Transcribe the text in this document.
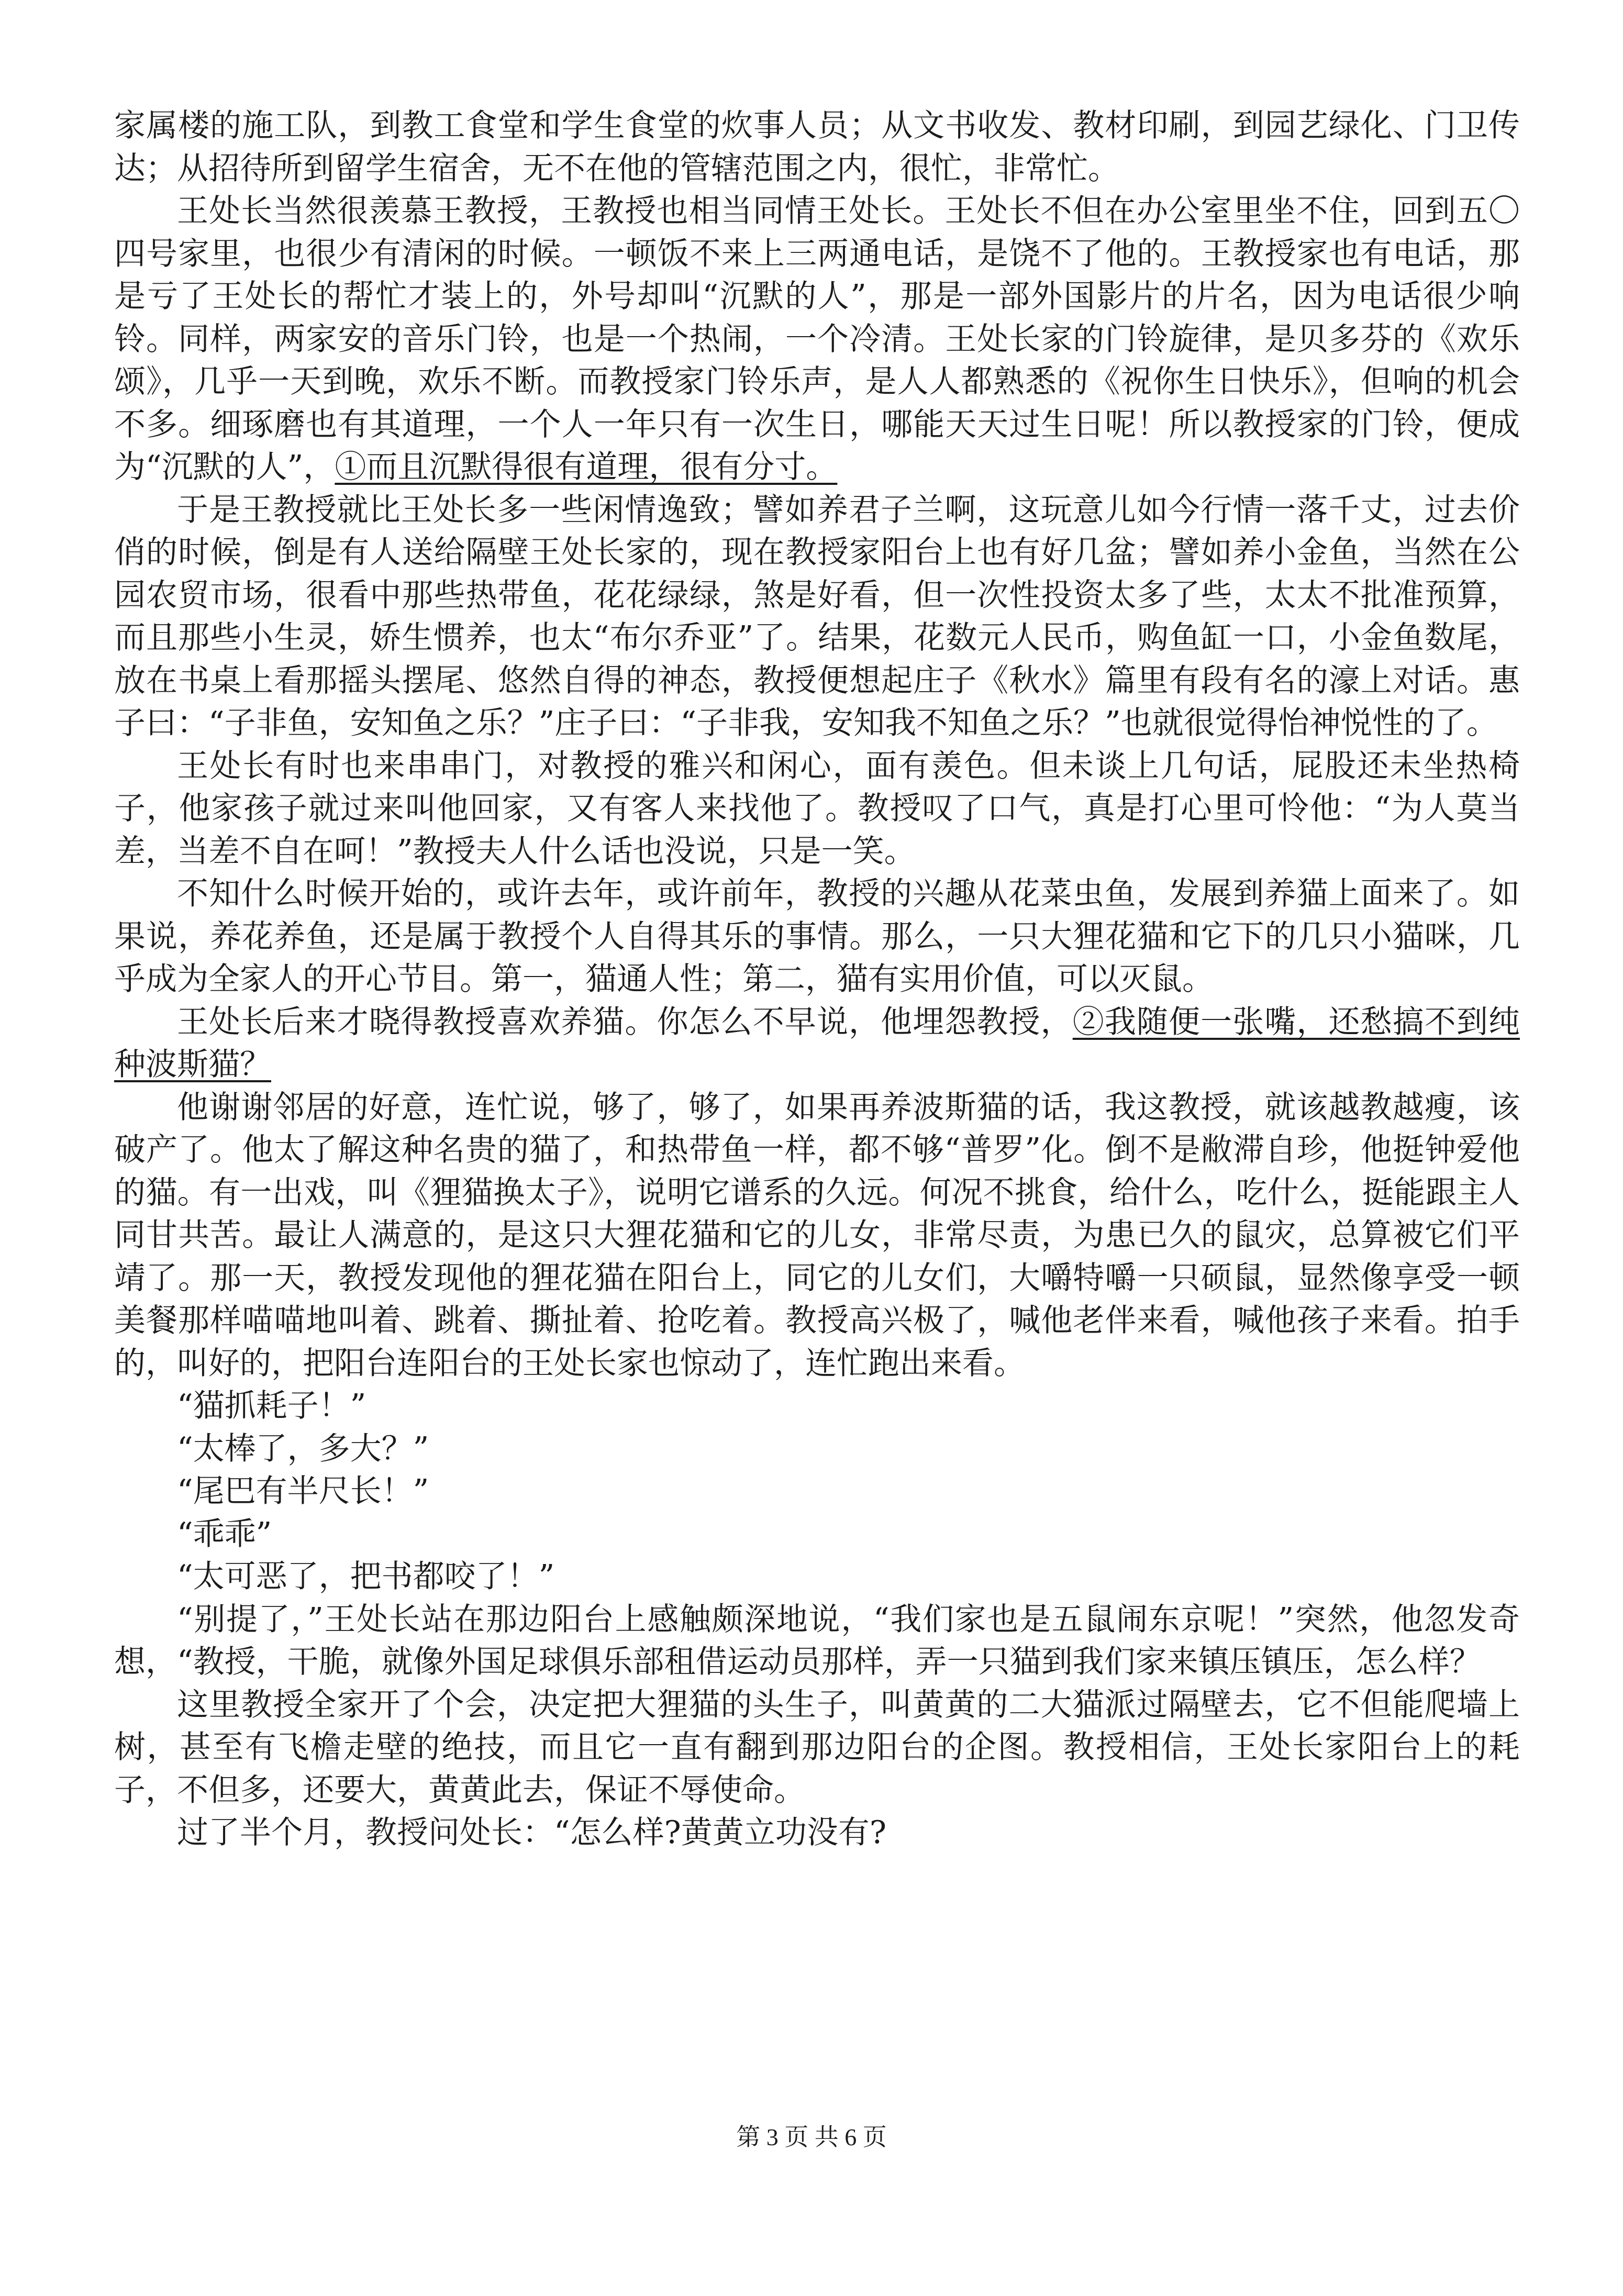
家属楼的施工队，到教工食堂和学生食堂的炊事人员；从文书收发、教材印刷，到园艺绿化、门卫传达；从招待所到留学生宿舍，无不在他的管辖范围之内，很忙，非常忙。

王处长当然很羡慕王教授，王教授也相当同情王处长。王处长不但在办公室里坐不住，回到五〇四号家里，也很少有清闲的时候。一顿饭不来上三两通电话，是饶不了他的。王教授家也有电话，那是亏了王处长的帮忙才装上的，外号却叫“沉默的人”，那是一部外国影片的片名，因为电话很少响铃。同样，两家安的音乐门铃，也是一个热闹，一个冷清。王处长家的门铃旋律，是贝多芬的《欢乐颂》，几乎一天到晚，欢乐不断。而教授家门铃乐声，是人人都熟悉的《祝你生日快乐》，但响的机会不多。细琢磨也有其道理，一个人一年只有一次生日，哪能天天过生日呢！所以教授家的门铃，便成为“沉默的人”，①而且沉默得很有道理，很有分寸。

于是王教授就比王处长多一些闲情逸致；譬如养君子兰啊，这玩意儿如今行情一落千丈，过去价俏的时候，倒是有人送给隔壁王处长家的，现在教授家阳台上也有好几盆；譬如养小金鱼，当然在公园农贸市场，很看中那些热带鱼，花花绿绿，煞是好看，但一次性投资太多了些，太太不批准预算，而且那些小生灵，娇生惯养，也太“布尔乔亚”了。结果，花数元人民币，购鱼缸一口，小金鱼数尾，放在书桌上看那摇头摆尾、悠然自得的神态，教授便想起庄子《秋水》篇里有段有名的濠上对话。惠子曰：“子非鱼，安知鱼之乐？”庄子曰：“子非我，安知我不知鱼之乐？”也就很觉得怡神悦性的了。

王处长有时也来串串门，对教授的雅兴和闲心，面有羡色。但未谈上几句话，屁股还未坐热椅子，他家孩子就过来叫他回家，又有客人来找他了。教授叹了口气，真是打心里可怜他：“为人莫当差，当差不自在呵！”教授夫人什么话也没说，只是一笑。

不知什么时候开始的，或许去年，或许前年，教授的兴趣从花菜虫鱼，发展到养猫上面来了。如果说，养花养鱼，还是属于教授个人自得其乐的事情。那么，一只大狸花猫和它下的几只小猫咪，几乎成为全家人的开心节目。第一，猫通人性；第二，猫有实用价值，可以灭鼠。

王处长后来才晓得教授喜欢养猫。你怎么不早说，他埋怨教授，②我随便一张嘴，还愁搞不到纯种波斯猫？

他谢谢邻居的好意，连忙说，够了，够了，如果再养波斯猫的话，我这教授，就该越教越瘦，该破产了。他太了解这种名贵的猫了，和热带鱼一样，都不够“普罗”化。倒不是敝滞自珍，他挺钟爱他的猫。有一出戏，叫《狸猫换太子》，说明它谱系的久远。何况不挑食，给什么，吃什么，挺能跟主人同甘共苦。最让人满意的，是这只大狸花猫和它的儿女，非常尽责，为患已久的鼠灾，总算被它们平靖了。那一天，教授发现他的狸花猫在阳台上，同它的儿女们，大嚼特嚼一只硕鼠，显然像享受一顿美餐那样喵喵地叫着、跳着、撕扯着、抢吃着。教授高兴极了，喊他老伴来看，喊他孩子来看。拍手的，叫好的，把阳台连阳台的王处长家也惊动了，连忙跑出来看。

“猫抓耗子！”

“太棒了，多大？”

“尾巴有半尺长！”

“乖乖”

“太可恶了，把书都咬了！”

“别提了，”王处长站在那边阳台上感触颇深地说，“我们家也是五鼠闹东京呢！”突然，他忽发奇想，“教授，干脆，就像外国足球俱乐部租借运动员那样，弄一只猫到我们家来镇压镇压，怎么样？

这里教授全家开了个会，决定把大狸猫的头生子，叫黄黄的二大猫派过隔壁去，它不但能爬墙上树，甚至有飞檐走壁的绝技，而且它一直有翻到那边阳台的企图。教授相信，王处长家阳台上的耗子，不但多，还要大，黄黄此去，保证不辱使命。

过了半个月，教授问处长：“怎么样?黄黄立功没有?

第 3 页 共 6 页
